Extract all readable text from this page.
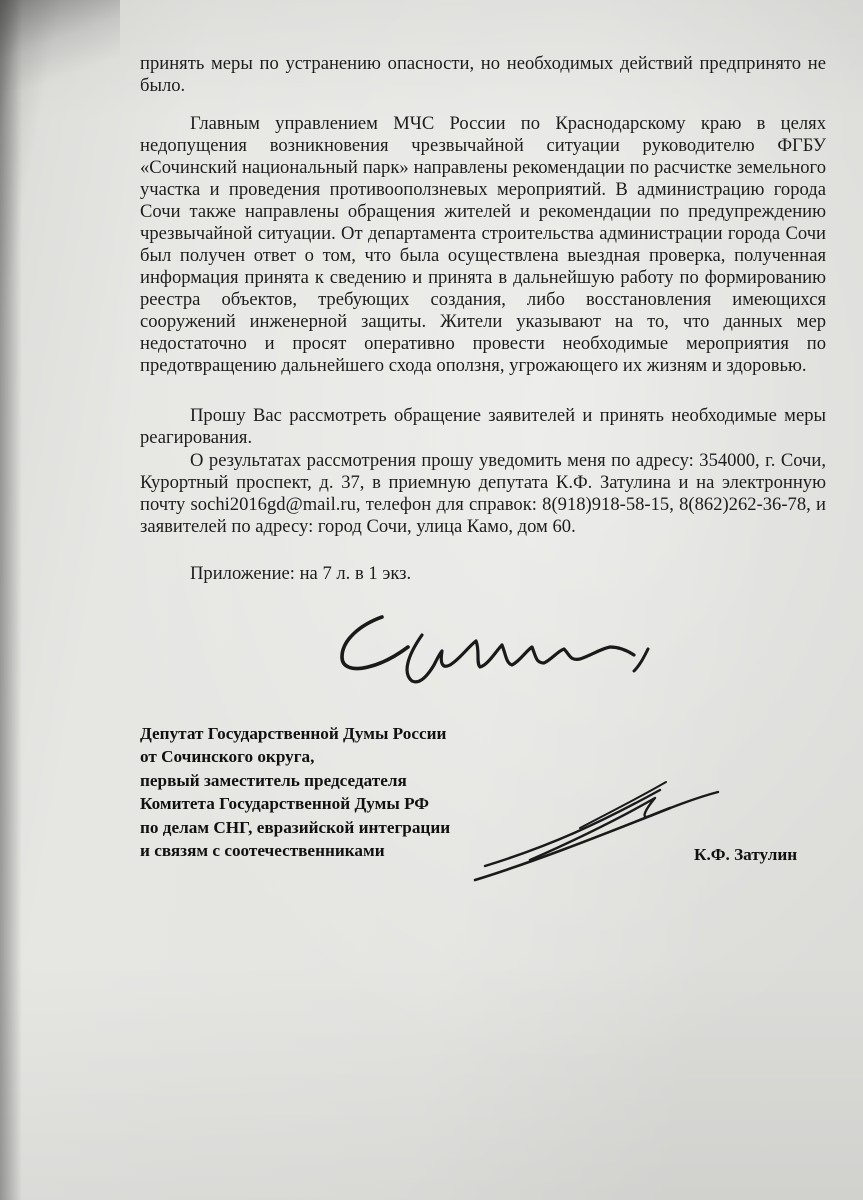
принять меры по устранению опасности, но необходимых действий предпринято не было.

Главным управлением МЧС России по Краснодарскому краю в целях недопущения возникновения чрезвычайной ситуации руководителю ФГБУ «Сочинский национальный парк» направлены рекомендации по расчистке земельного участка и проведения противооползневых мероприятий. В администрацию города Сочи также направлены обращения жителей и рекомендации по предупреждению чрезвычайной ситуации. От департамента строительства администрации города Сочи был получен ответ о том, что была осуществлена выездная проверка, полученная информация принята к сведению и принята в дальнейшую работу по формированию реестра объектов, требующих создания, либо восстановления имеющихся сооружений инженерной защиты. Жители указывают на то, что данных мер недостаточно и просят оперативно провести необходимые мероприятия по предотвращению дальнейшего схода оползня, угрожающего их жизням и здоровью.

Прошу Вас рассмотреть обращение заявителей и принять необходимые меры реагирования.

О результатах рассмотрения прошу уведомить меня по адресу: 354000, г. Сочи, Курортный проспект, д. 37, в приемную депутата К.Ф. Затулина и на электронную почту sochi2016gd@mail.ru, телефон для справок: 8(918)918-58-15, 8(862)262-36-78, и заявителей по адресу: город Сочи, улица Камо, дом 60.

Приложение: на 7 л. в 1 экз.
Депутат Государственной Думы России
от Сочинского округа,
первый заместитель председателя
Комитета Государственной Думы РФ
по делам СНГ, евразийской интеграции
и связям с соотечественниками	К.Ф. Затулин
